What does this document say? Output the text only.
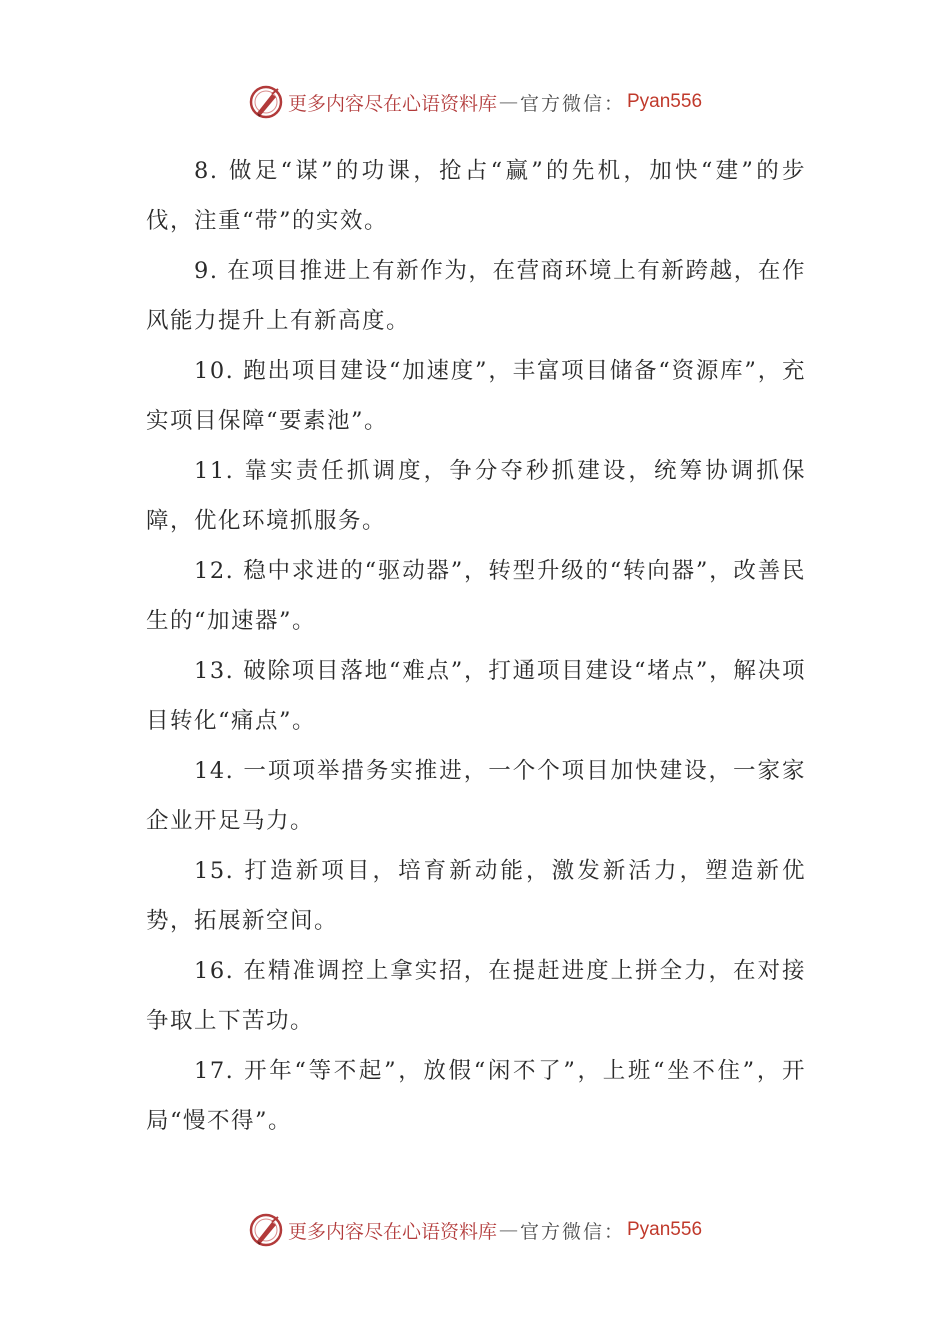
更多内容尽在心语资料库 — 官方微信： Pyan556

8. 做足“谋”的功课，抢占“赢”的先机，加快“建”的步伐，注重“带”的实效。

9. 在项目推进上有新作为，在营商环境上有新跨越，在作风能力提升上有新高度。

10. 跑出项目建设“加速度”，丰富项目储备“资源库”，充实项目保障“要素池”。

11. 靠实责任抓调度，争分夺秒抓建设，统筹协调抓保障，优化环境抓服务。

12. 稳中求进的“驱动器”，转型升级的“转向器”，改善民生的“加速器”。

13. 破除项目落地“难点”，打通项目建设“堵点”，解决项目转化“痛点”。

14. 一项项举措务实推进，一个个项目加快建设，一家家企业开足马力。

15. 打造新项目，培育新动能，激发新活力，塑造新优势，拓展新空间。

16. 在精准调控上拿实招，在提赶进度上拼全力，在对接争取上下苦功。

17. 开年“等不起”，放假“闲不了”，上班“坐不住”，开局“慢不得”。

更多内容尽在心语资料库 — 官方微信： Pyan556
